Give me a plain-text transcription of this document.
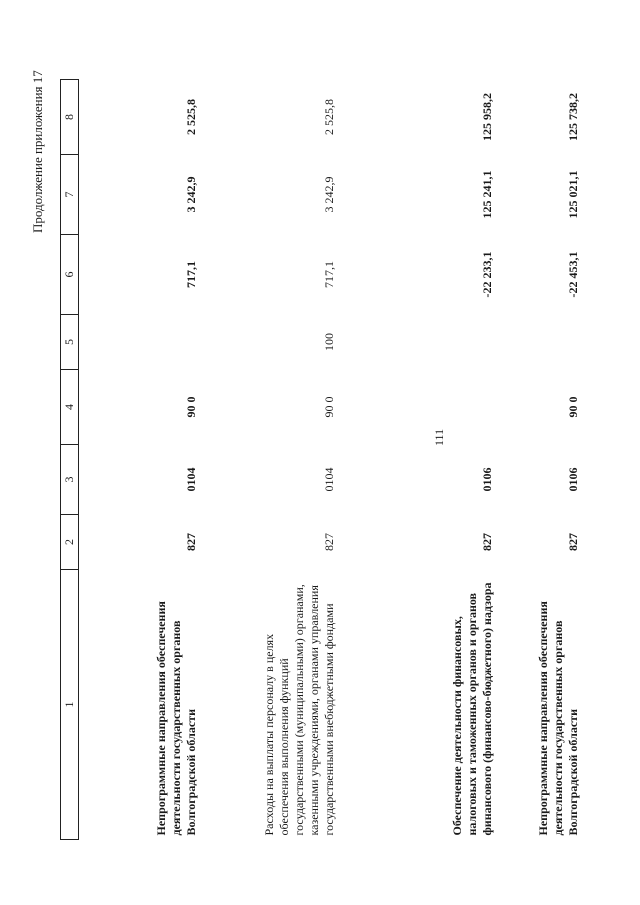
111
Продолжение приложения 17
1	2	3	4	5	6	7	8
Непрограммные направления обеспечения деятельности государственных органов Волгоградской области	827	0104	90 0		717,1	3 242,9	2 525,8
Расходы на выплаты персоналу в целях обеспечения выполнения функций государственными (муниципальными) органами, казенными учреждениями, органами управления государственными внебюджетными фондами	827	0104	90 0	100	717,1	3 242,9	2 525,8
Обеспечение деятельности финансовых, налоговых и таможенных органов и органов финансового (финансово-бюджетного) надзора	827	0106			-22 233,1	125 241,1	125 958,2
Непрограммные направления обеспечения деятельности государственных органов Волгоградской области	827	0106	90 0		-22 453,1	125 021,1	125 738,2
